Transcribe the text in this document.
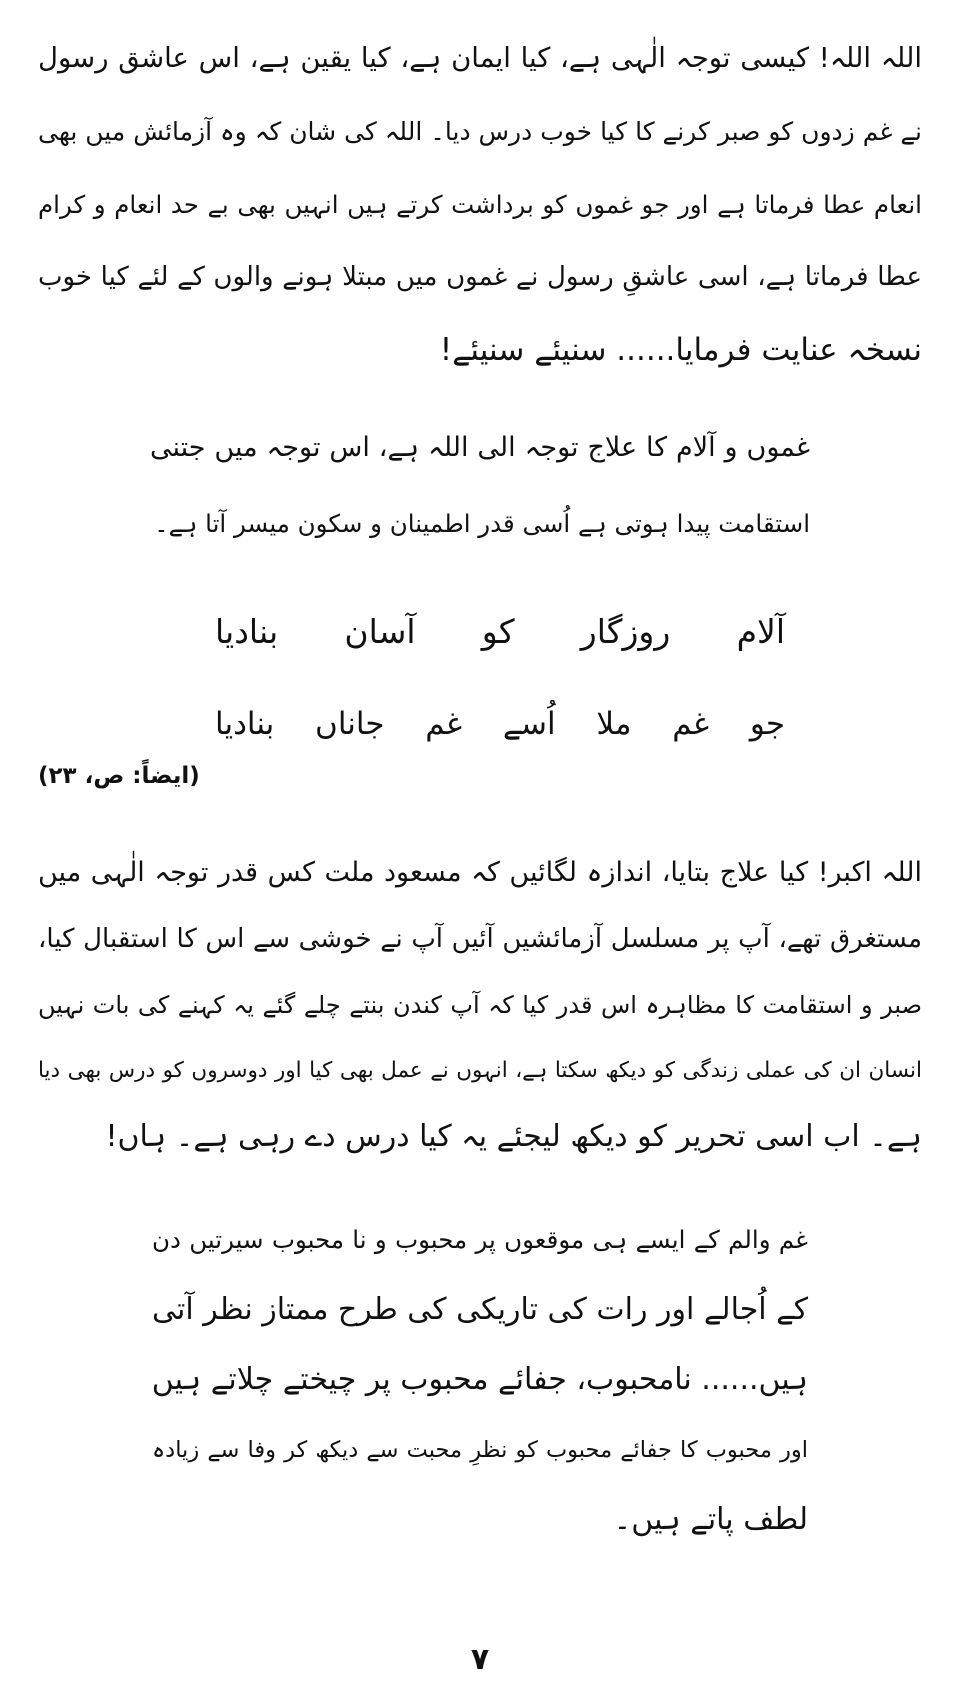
اللہ اللہ! کیسی توجہ الٰہی ہے، کیا ایمان ہے، کیا یقین ہے، اس عاشق رسول
نے غم زدوں کو صبر کرنے کا کیا خوب درس دیا۔ اللہ کی شان کہ وہ آزمائش میں بھی
انعام عطا فرماتا ہے اور جو غموں کو برداشت کرتے ہیں انہیں بھی بے حد انعام و کرام
عطا فرماتا ہے، اسی عاشقِ رسول نے غموں میں مبتلا ہونے والوں کے لئے کیا خوب
نسخہ عنایت فرمایا...... سنیئے سنیئے!
غموں و آلام کا علاج توجہ الی اللہ ہے، اس توجہ میں جتنی
استقامت پیدا ہوتی ہے اُسی قدر اطمینان و سکون میسر آتا ہے۔
آلام روزگار کو آسان بنادیا
جو غم ملا اُسے غم جاناں بنادیا
(ایضاً: ص، ۲۳)
اللہ اکبر! کیا علاج بتایا، اندازہ لگائیں کہ مسعود ملت کس قدر توجہ الٰہی میں
مستغرق تھے، آپ پر مسلسل آزمائشیں آئیں آپ نے خوشی سے اس کا استقبال کیا،
صبر و استقامت کا مظاہرہ اس قدر کیا کہ آپ کندن بنتے چلے گئے یہ کہنے کی بات نہیں
انسان ان کی عملی زندگی کو دیکھ سکتا ہے، انہوں نے عمل بھی کیا اور دوسروں کو درس بھی دیا
ہے۔ اب اسی تحریر کو دیکھ لیجئے یہ کیا درس دے رہی ہے۔ ہاں!
غم والم کے ایسے ہی موقعوں پر محبوب و نا محبوب سیرتیں دن
کے اُجالے اور رات کی تاریکی کی طرح ممتاز نظر آتی
ہیں...... نامحبوب، جفائے محبوب پر چیختے چلاتے ہیں
اور محبوب کا جفائے محبوب کو نظرِ محبت سے دیکھ کر وفا سے زیادہ
لطف پاتے ہیں۔
۷
